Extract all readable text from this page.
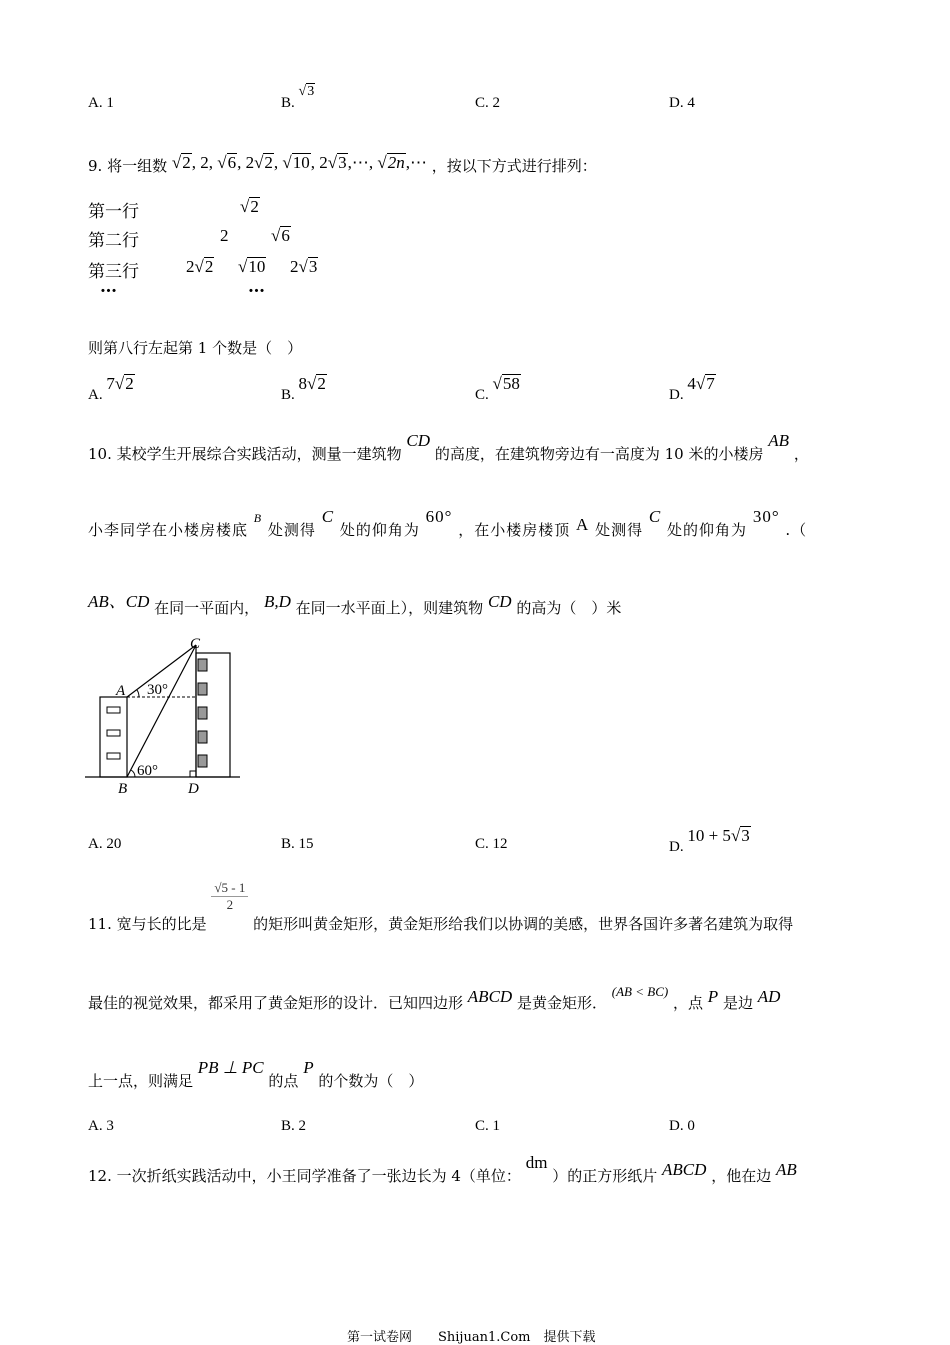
A. 1	B. √3
C. 2	D. 4
9. 将一组数 √2, 2, √6, 2√2, √10, 2√3,⋯, √2n,⋯ ，按以下方式进行排列：
第一行	√2
第二行	2	√6
第三行	2√2 √10 2√3
…	…
则第八行左起第 1 个数是（　）
A. 7√2
B. 8√2
C. √58
D. 4√7
10. 某校学生开展综合实践活动，测量一建筑物 CD 的高度，在建筑物旁边有一高度为 10 米的小楼房 AB ，
小李同学在小楼房楼底 $^B$ 处测得 C 处的仰角为 60° ，在小楼房楼顶 A 处测得 C 处的仰角为 30° .（
AB、CD 在同一平面内， B,D 在同一水平面上），则建筑物 CD 的高为（　）米
C
A
B	D
30°
60°
A. 20	B. 15	C. 12	D. 10 + 5√3
11. 宽与长的比是
$\frac{√5 - 1}{2}$
的矩形叫黄金矩形，黄金矩形给我们以协调的美感，世界各国许多著名建筑为取得
最佳的视觉效果，都采用了黄金矩形的设计．已知四边形 ABCD 是黄金矩形． (AB < BC) ，点 P 是边 AD
上一点，则满足 PB ⊥ PC 的点 P 的个数为（　）
A. 3	B. 2	C. 1	D. 0
12. 一次折纸实践活动中，小王同学准备了一张边长为 4（单位： dm ）的正方形纸片 ABCD ，他在边 AB
第一试卷网　　Shijuan1.Com　提供下载
